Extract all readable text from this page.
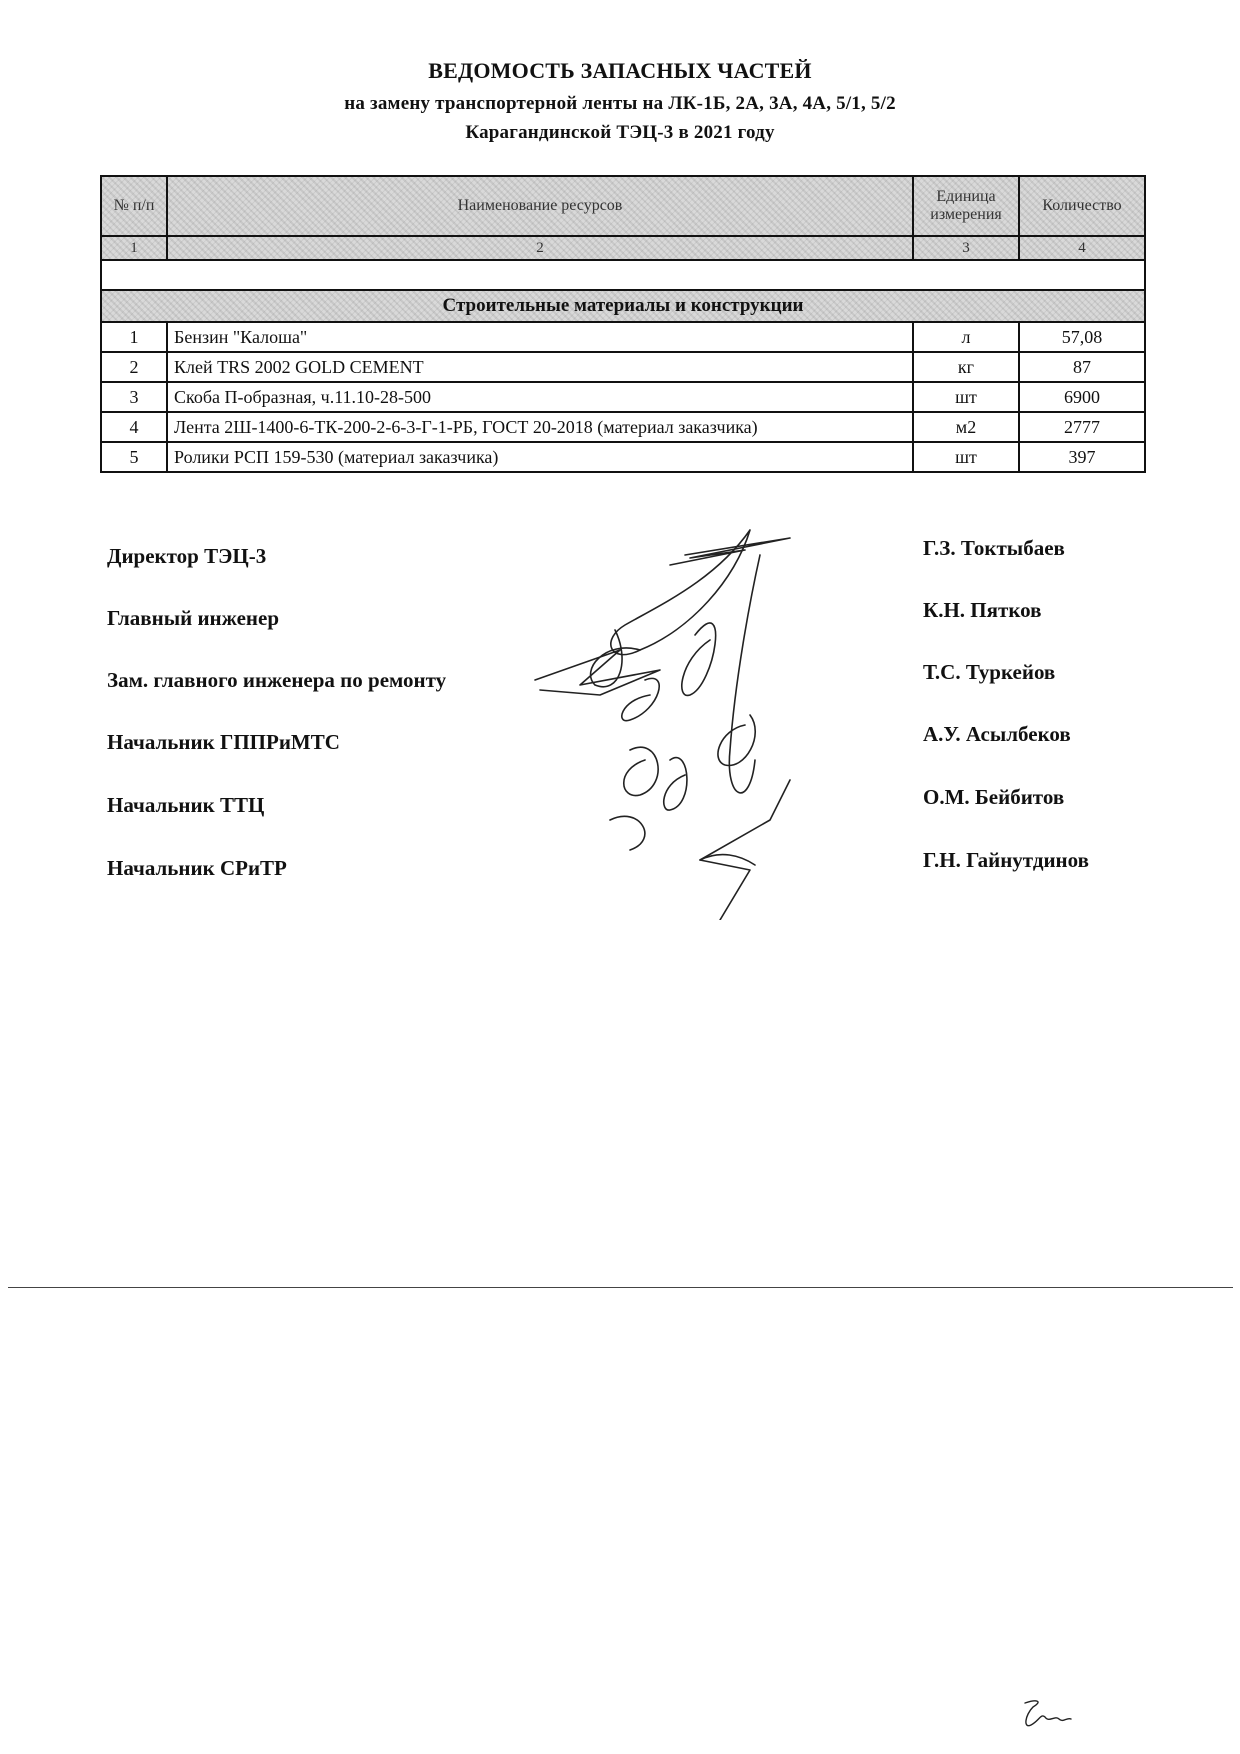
ВЕДОМОСТЬ ЗАПАСНЫХ ЧАСТЕЙ
на замену транспортерной ленты на ЛК-1Б, 2А, 3А, 4А, 5/1, 5/2
Карагандинской ТЭЦ-3 в 2021 году
№ п/п	Наименование ресурсов	Единица измерения	Количество
1	2	3	4

Строительные материалы и конструкции			
1	Бензин "Калоша"	л	57,08
2	Клей TRS 2002 GOLD CEMENT	кг	87
3	Скоба П-образная, ч.11.10-28-500	шт	6900
4	Лента 2Ш-1400-6-ТК-200-2-6-3-Г-1-РБ, ГОСТ 20-2018 (материал заказчика)	м2	2777
5	Ролики РСП 159-530 (материал заказчика)	шт	397
Директор ТЭЦ-3
Главный инженер
Зам. главного инженера по ремонту
Начальник ГППРиМТС
Начальник ТТЦ
Начальник СРиТР
Г.З. Токтыбаев
К.Н. Пятков
Т.С. Туркейов
А.У. Асылбеков
О.М. Бейбитов
Г.Н. Гайнутдинов
